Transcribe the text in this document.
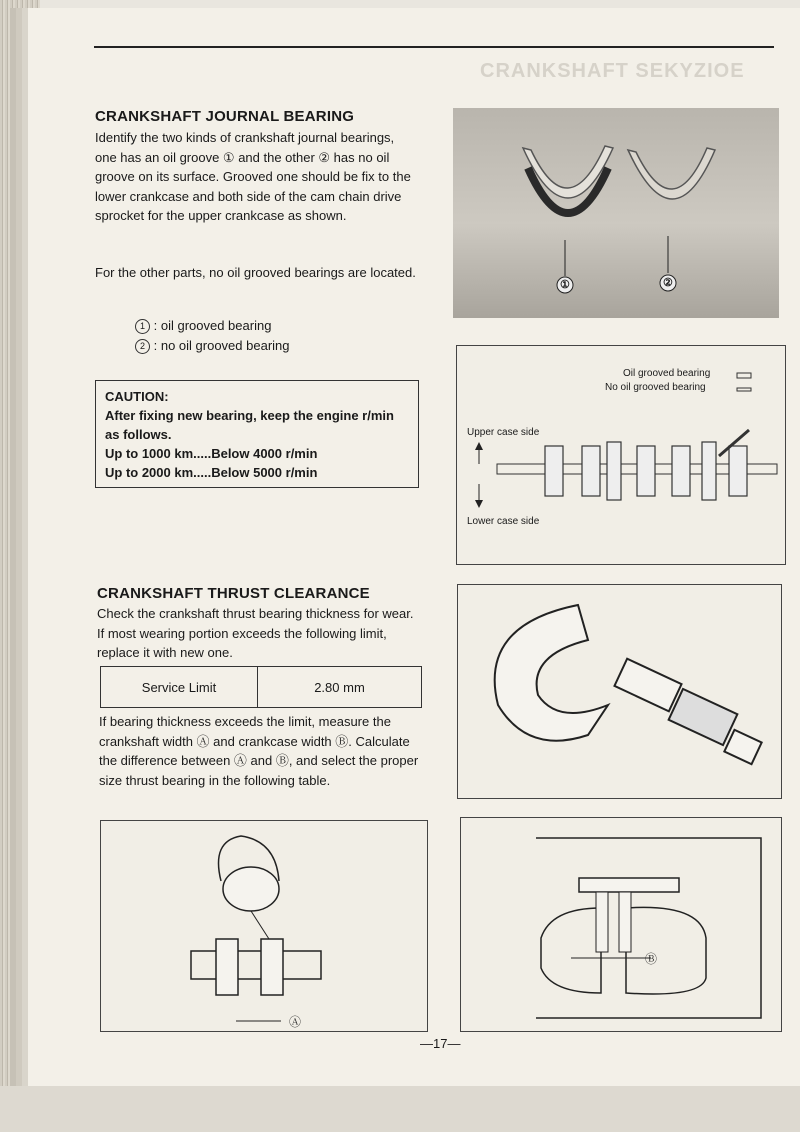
CRANKSHAFT SEKYZIOE
CRANKSHAFT JOURNAL BEARING

Identify the two kinds of crankshaft journal bearings, one has an oil groove ① and the other ② has no oil groove on its surface. Grooved one should be fix to the lower crankcase and both side of the cam chain drive sprocket for the upper crankcase as shown.

For the other parts, no oil grooved bearings are located.

1 : oil grooved bearing
2 : no oil grooved bearing
CAUTION:
After fixing new bearing, keep the engine r/min as follows.
Up to 1000 km.....Below 4000 r/min
Up to 2000 km.....Below 5000 r/min
CRANKSHAFT THRUST CLEARANCE

Check the crankshaft thrust bearing thickness for wear. If most wearing portion exceeds the following limit, replace it with new one.

Service Limit	2.80 mm

If bearing thickness exceeds the limit, measure the crankshaft width Ⓐ and crankcase width Ⓑ. Calculate the difference between Ⓐ and Ⓑ, and select the proper size thrust bearing in the following table.

①	②
Oil grooved bearing
No oil grooved bearing
Upper case side
Lower case side
Ⓐ
Ⓑ
—17—
